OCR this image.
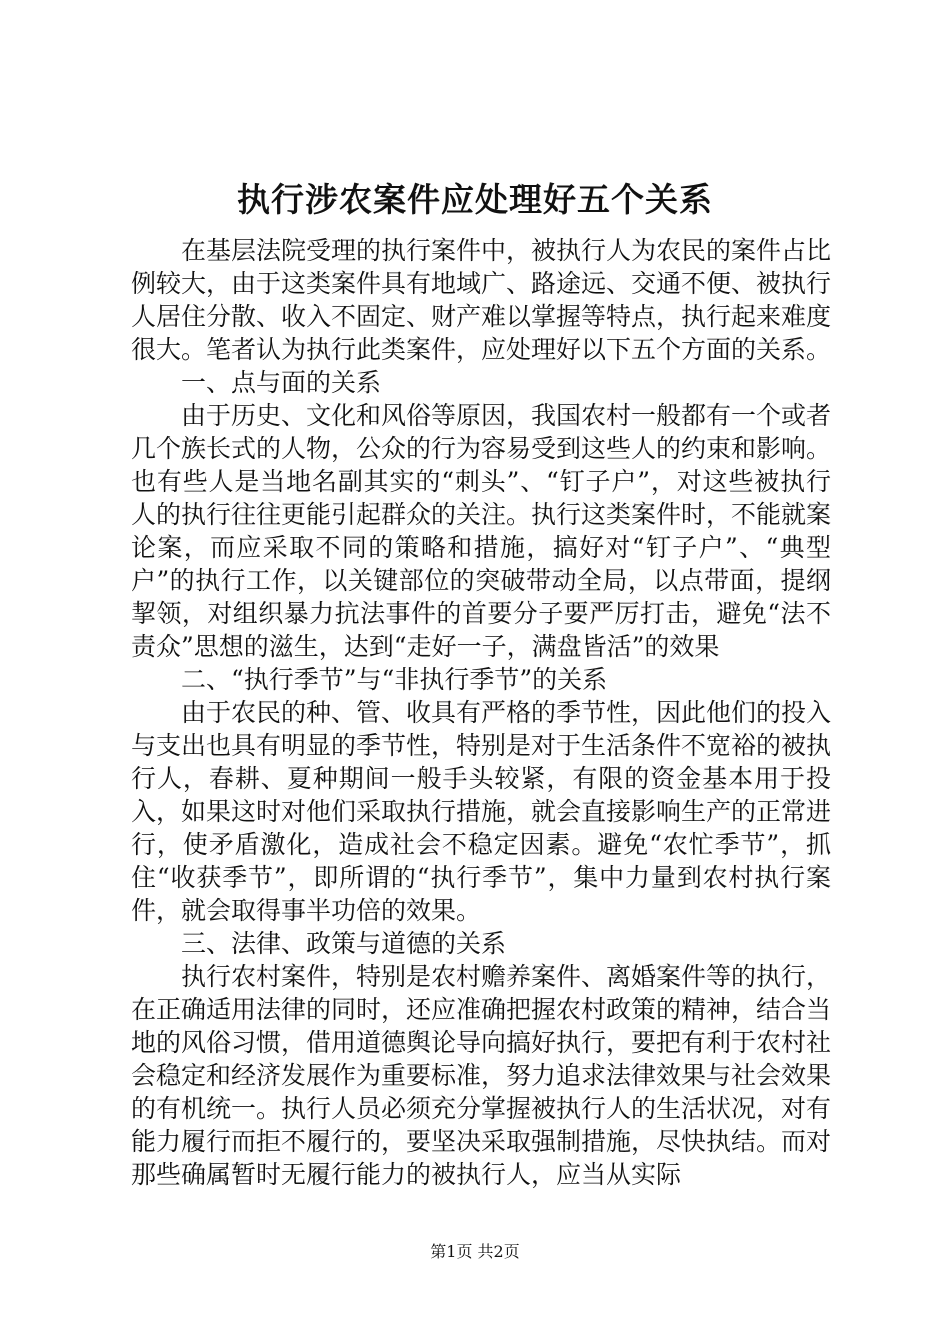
执行涉农案件应处理好五个关系

在基层法院受理的执行案件中，被执行人为农民的案件占比例较大，由于这类案件具有地域广、路途远、交通不便、被执行人居住分散、收入不固定、财产难以掌握等特点，执行起来难度很大。笔者认为执行此类案件，应处理好以下五个方面的关系。

一、点与面的关系

由于历史、文化和风俗等原因，我国农村一般都有一个或者几个族长式的人物，公众的行为容易受到这些人的约束和影响。也有些人是当地名副其实的“刺头”、“钉子户”，对这些被执行人的执行往往更能引起群众的关注。执行这类案件时，不能就案论案，而应采取不同的策略和措施，搞好对“钉子户”、“典型户”的执行工作，以关键部位的突破带动全局，以点带面，提纲挈领，对组织暴力抗法事件的首要分子要严厉打击，避免“法不责众”思想的滋生，达到“走好一子，满盘皆活”的效果

二、“执行季节”与“非执行季节”的关系

由于农民的种、管、收具有严格的季节性，因此他们的投入与支出也具有明显的季节性，特别是对于生活条件不宽裕的被执行人，春耕、夏种期间一般手头较紧，有限的资金基本用于投入，如果这时对他们采取执行措施，就会直接影响生产的正常进行，使矛盾激化，造成社会不稳定因素。避免“农忙季节”，抓住“收获季节”，即所谓的“执行季节”，集中力量到农村执行案件，就会取得事半功倍的效果。

三、法律、政策与道德的关系

执行农村案件，特别是农村赡养案件、离婚案件等的执行，在正确适用法律的同时，还应准确把握农村政策的精神，结合当地的风俗习惯，借用道德舆论导向搞好执行，要把有利于农村社会稳定和经济发展作为重要标准，努力追求法律效果与社会效果的有机统一。执行人员必须充分掌握被执行人的生活状况，对有能力履行而拒不履行的，要坚决采取强制措施，尽快执结。而对那些确属暂时无履行能力的被执行人，应当从实际

第1页 共2页
